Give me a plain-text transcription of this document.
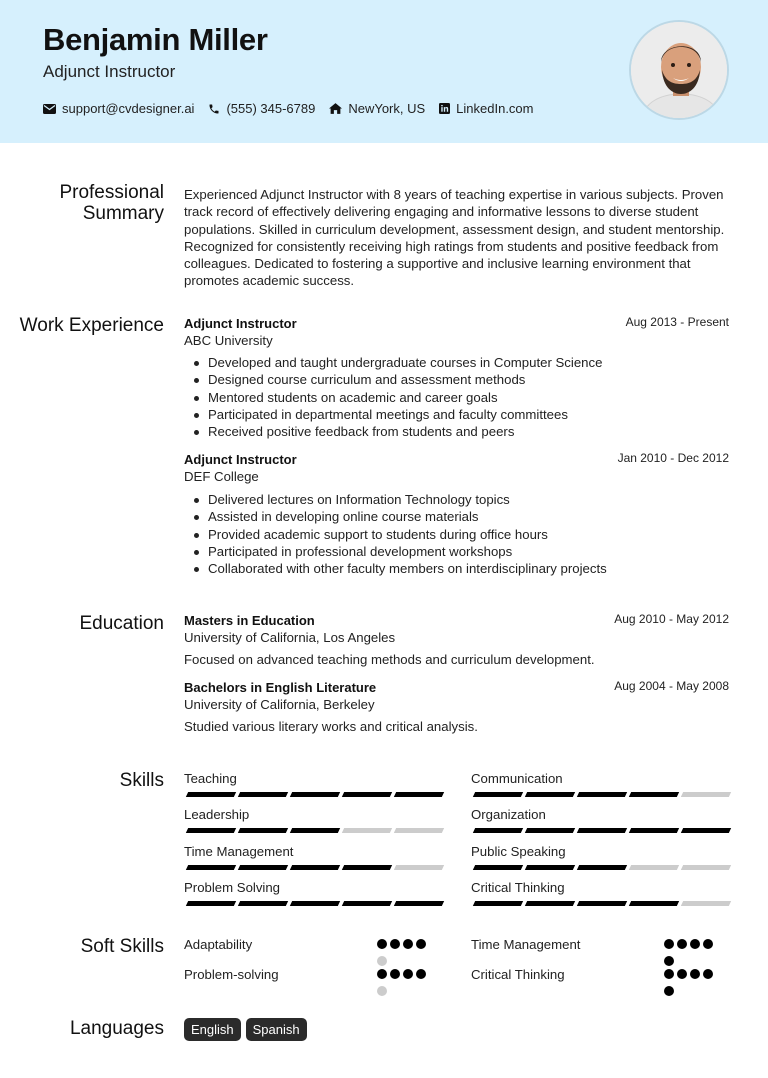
Benjamin Miller
Adjunct Instructor
support@cvdesigner.ai (555) 345-6789	NewYork, US LinkedIn.com
Professional Summary
Experienced Adjunct Instructor with 8 years of teaching expertise in various subjects. Proven track record of effectively delivering engaging and informative lessons to diverse student populations. Skilled in curriculum development, assessment design, and student mentorship. Recognized for consistently receiving high ratings from students and positive feedback from colleagues. Dedicated to fostering a supportive and inclusive learning environment that promotes academic success.
Work Experience Adjunct Instructor	Aug 2013 - Present
ABC University
Developed and taught undergraduate courses in Computer Science
Designed course curriculum and assessment methods
Mentored students on academic and career goals
Participated in departmental meetings and faculty committees
Received positive feedback from students and peers
Adjunct Instructor	Jan 2010 - Dec 2012
DEF College
Delivered lectures on Information Technology topics
Assisted in developing online course materials
Provided academic support to students during office hours
Participated in professional development workshops
Collaborated with other faculty members on interdisciplinary projects
Education Masters in Education	Aug 2010 - May 2012
University of California, Los Angeles
Focused on advanced teaching methods and curriculum development.
Bachelors in English Literature	Aug 2004 - May 2008
University of California, Berkeley
Studied various literary works and critical analysis.
Skills Teaching	Communication
Leadership	Organization
Time Management	Public Speaking
Problem Solving	Critical Thinking
Soft Skills Adaptability	Time Management
Problem-solving	Critical Thinking
Languages	English	Spanish
